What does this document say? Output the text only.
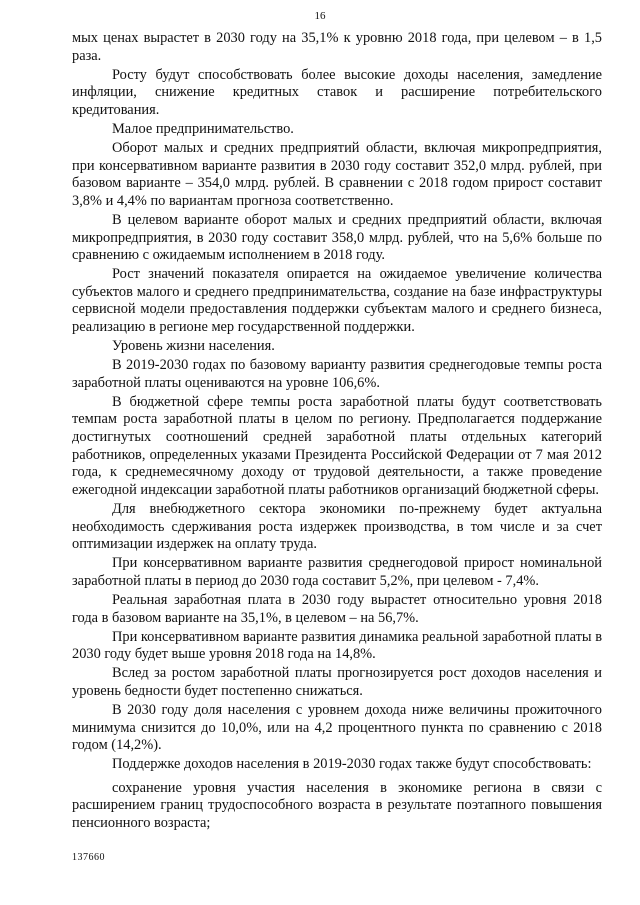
16

мых ценах вырастет в 2030 году на 35,1% к уровню 2018 года, при целевом – в 1,5 раза.

Росту будут способствовать более высокие доходы населения, замедление инфляции, снижение кредитных ставок и расширение потребительского кредитования.

Малое предпринимательство.

Оборот малых и средних предприятий области, включая микропредприятия, при консервативном варианте развития в 2030 году составит 352,0 млрд. рублей, при базовом варианте – 354,0 млрд. рублей. В сравнении с 2018 годом прирост составит 3,8% и 4,4% по вариантам прогноза соответственно.

В целевом варианте оборот малых и средних предприятий области, включая микропредприятия, в 2030 году составит 358,0 млрд. рублей, что на 5,6% больше по сравнению с ожидаемым исполнением в 2018 году.

Рост значений показателя опирается на ожидаемое увеличение количества субъектов малого и среднего предпринимательства, создание на базе инфраструктуры сервисной модели предоставления поддержки субъектам малого и среднего бизнеса, реализацию в регионе мер государственной поддержки.

Уровень жизни населения.

В 2019-2030 годах по базовому варианту развития среднегодовые темпы роста заработной платы оцениваются на уровне 106,6%.

В бюджетной сфере темпы роста заработной платы будут соответствовать темпам роста заработной платы в целом по региону. Предполагается поддержание достигнутых соотношений средней заработной платы отдельных категорий работников, определенных указами Президента Российской Федерации от 7 мая 2012 года, к среднемесячному доходу от трудовой деятельности, а также проведение ежегодной индексации заработной платы работников организаций бюджетной сферы.

Для внебюджетного сектора экономики по-прежнему будет актуальна необходимость сдерживания роста издержек производства, в том числе и за счет оптимизации издержек на оплату труда.

При консервативном варианте развития среднегодовой прирост номинальной заработной платы в период до 2030 года составит 5,2%, при целевом - 7,4%.

Реальная заработная плата в 2030 году вырастет относительно уровня 2018 года в базовом варианте на 35,1%, в целевом – на 56,7%.

При консервативном варианте развития динамика реальной заработной платы в 2030 году будет выше уровня 2018 года на 14,8%.

Вслед за ростом заработной платы прогнозируется рост доходов населения и уровень бедности будет постепенно снижаться.

В 2030 году доля населения с уровнем дохода ниже величины прожиточного минимума снизится до 10,0%, или на 4,2 процентного пункта по сравнению с 2018 годом (14,2%).

Поддержке доходов населения в 2019-2030 годах также будут способствовать:

сохранение уровня участия населения в экономике региона в связи с расширением границ трудоспособного возраста в результате поэтапного повышения пенсионного возраста;

137660
